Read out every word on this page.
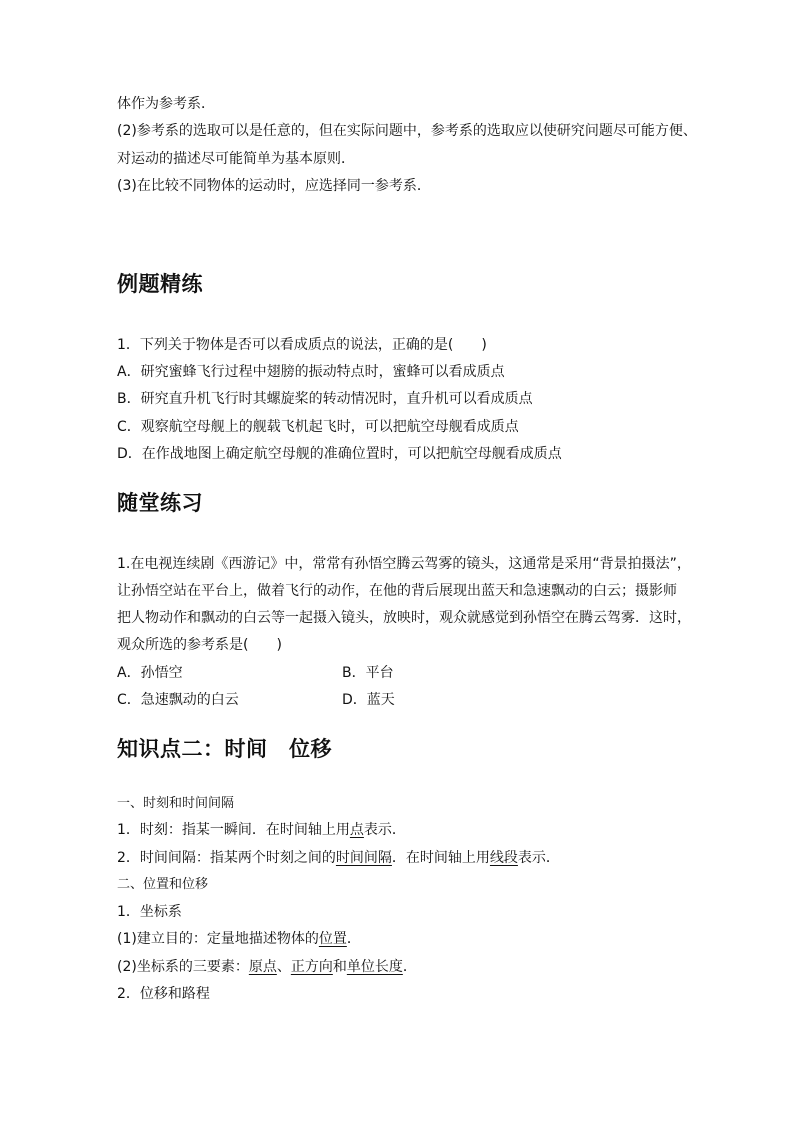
体作为参考系．
(2)参考系的选取可以是任意的，但在实际问题中，参考系的选取应以使研究问题尽可能方便、
对运动的描述尽可能简单为基本原则．
(3)在比较不同物体的运动时，应选择同一参考系．
例题精练
1．下列关于物体是否可以看成质点的说法，正确的是(　　)
A．研究蜜蜂飞行过程中翅膀的振动特点时，蜜蜂可以看成质点
B．研究直升机飞行时其螺旋桨的转动情况时，直升机可以看成质点
C．观察航空母舰上的舰载飞机起飞时，可以把航空母舰看成质点
D．在作战地图上确定航空母舰的准确位置时，可以把航空母舰看成质点
随堂练习
1.在电视连续剧《西游记》中，常常有孙悟空腾云驾雾的镜头，这通常是采用“背景拍摄法”，
让孙悟空站在平台上，做着飞行的动作，在他的背后展现出蓝天和急速飘动的白云；摄影师
把人物动作和飘动的白云等一起摄入镜头，放映时，观众就感觉到孙悟空在腾云驾雾．这时，
观众所选的参考系是(　　)
A．孙悟空	B．平台
C．急速飘动的白云	D．蓝天
知识点二：时间　位移
一、时刻和时间间隔
1．时刻：指某一瞬间．在时间轴上用点表示．
2．时间间隔：指某两个时刻之间的时间间隔．在时间轴上用线段表示．
二、位置和位移
1．坐标系
(1)建立目的：定量地描述物体的位置．
(2)坐标系的三要素：原点、正方向和单位长度．
2．位移和路程
